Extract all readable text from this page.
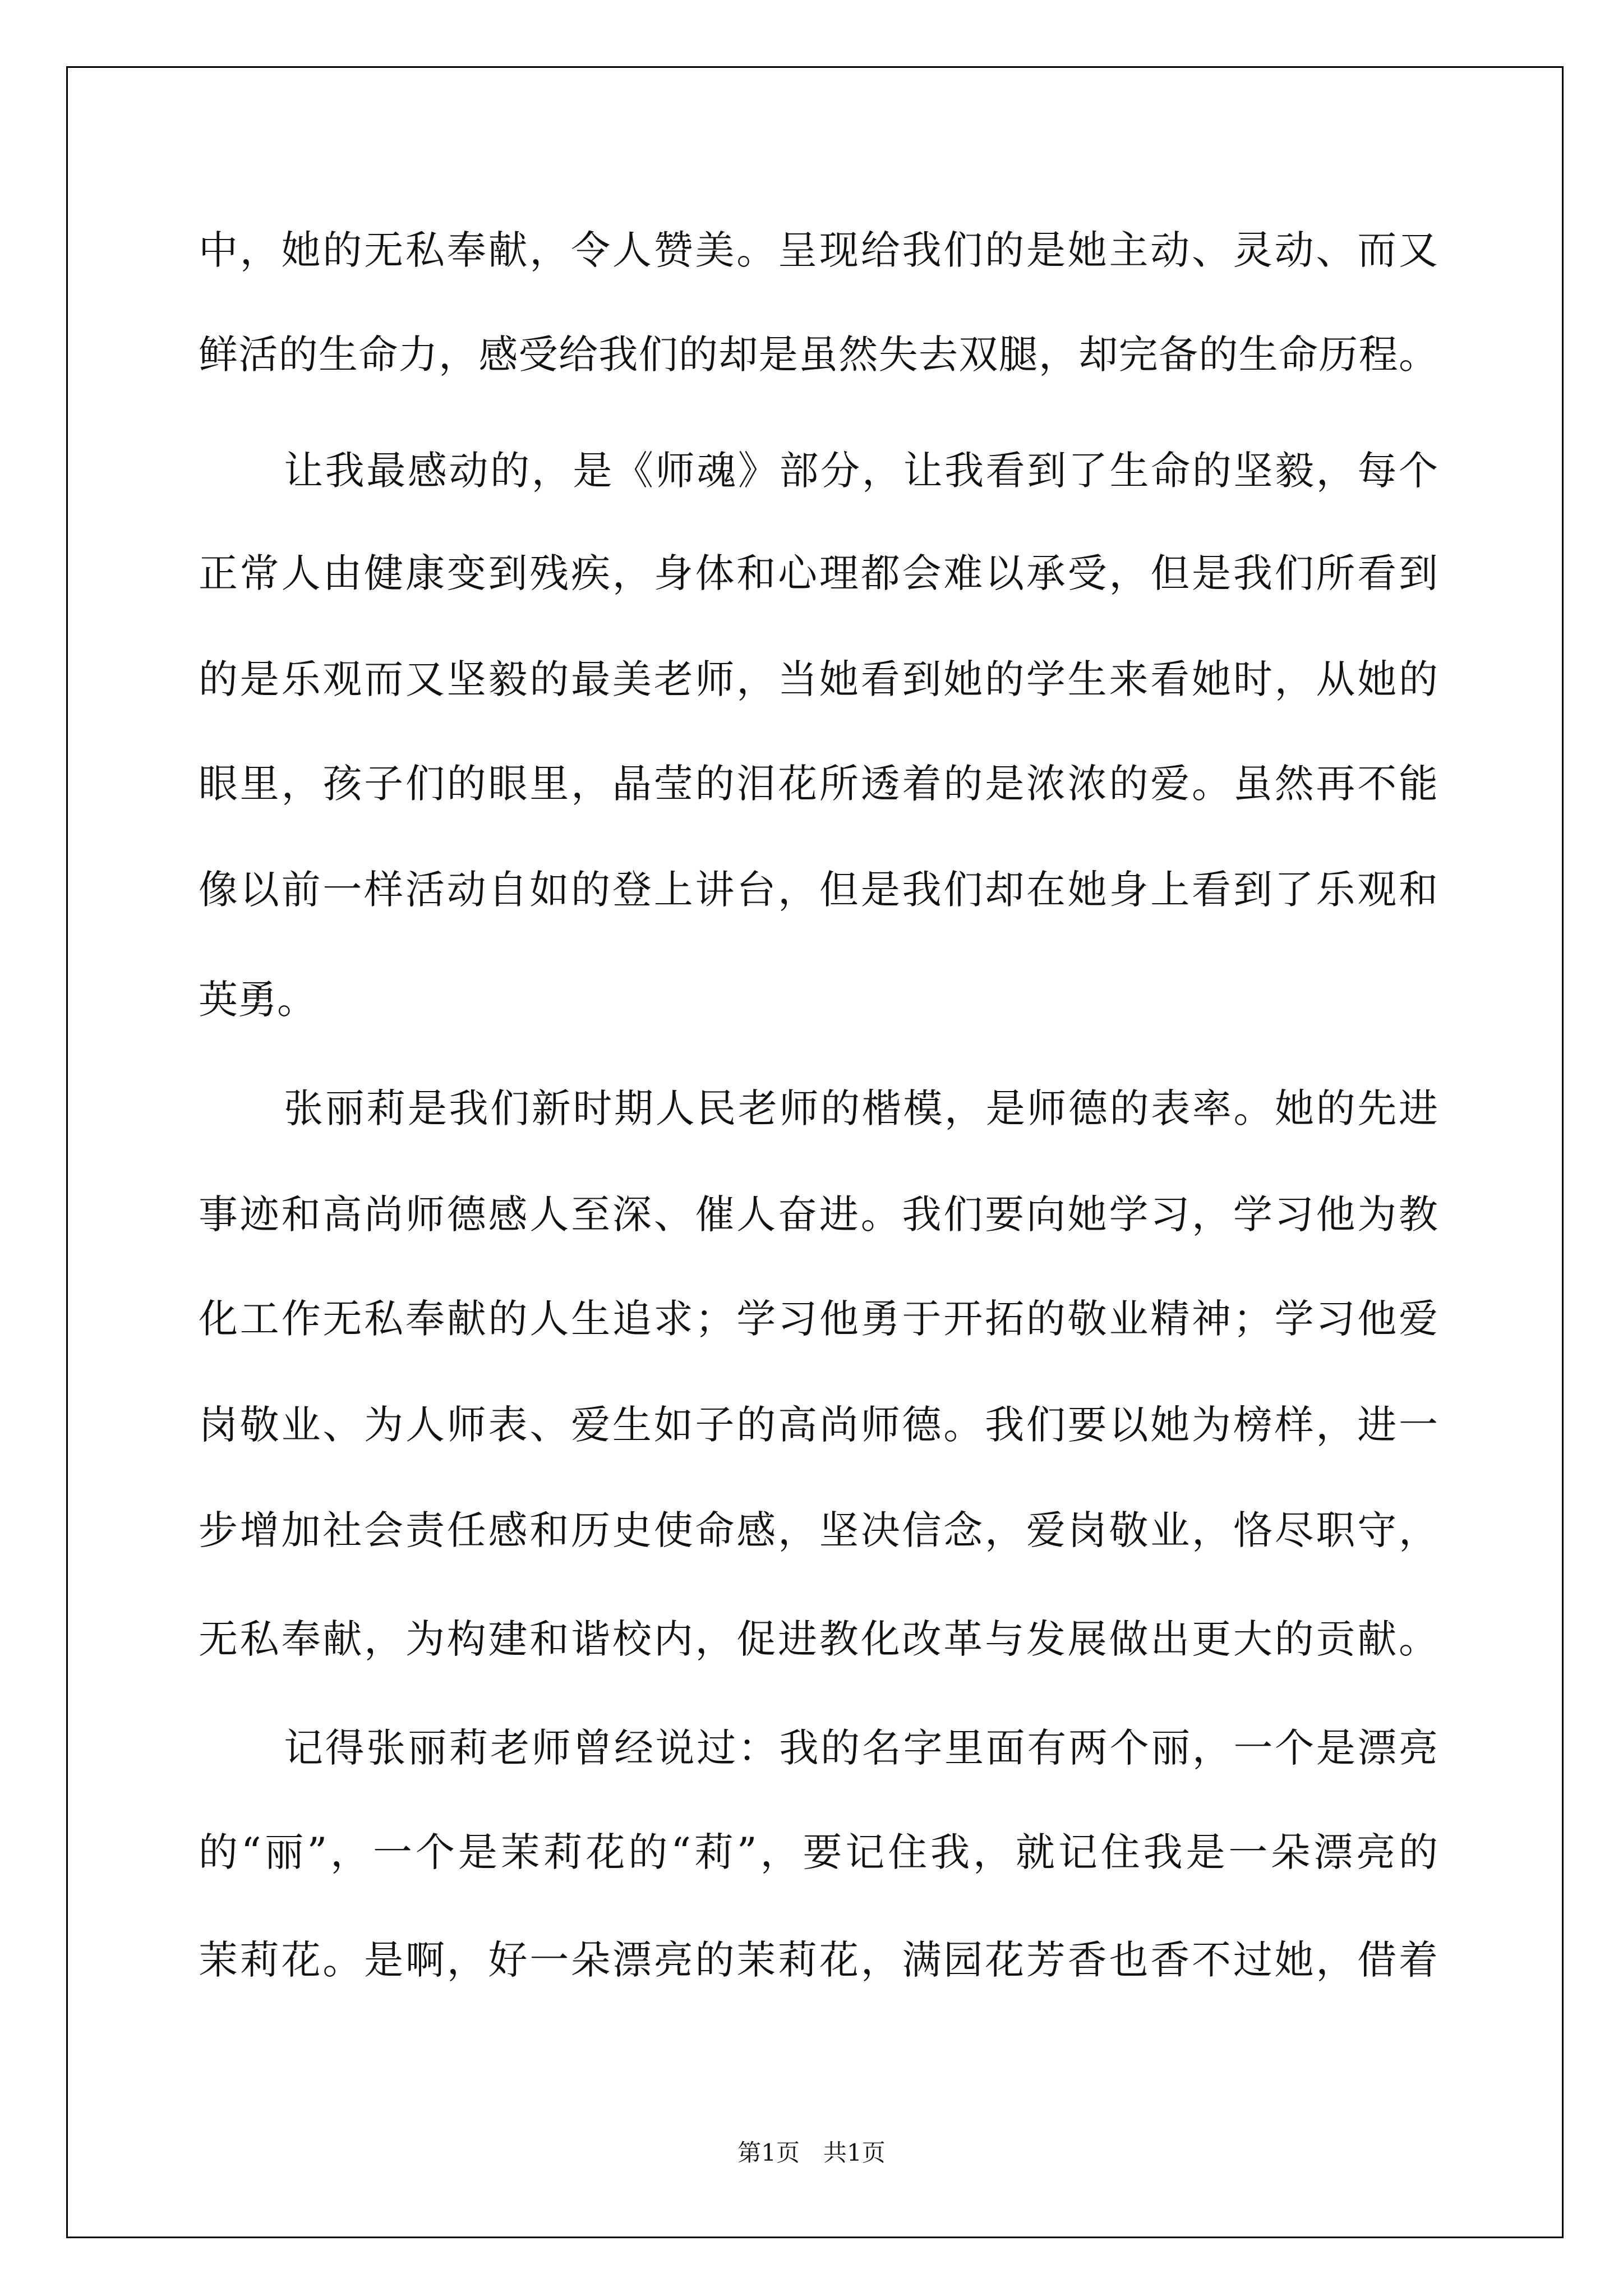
中，她的无私奉献，令人赞美。呈现给我们的是她主动、灵动、而又
鲜活的生命力，感受给我们的却是虽然失去双腿，却完备的生命历程。
让我最感动的，是《师魂》部分，让我看到了生命的坚毅，每个
正常人由健康变到残疾，身体和心理都会难以承受，但是我们所看到
的是乐观而又坚毅的最美老师，当她看到她的学生来看她时，从她的
眼里，孩子们的眼里，晶莹的泪花所透着的是浓浓的爱。虽然再不能
像以前一样活动自如的登上讲台，但是我们却在她身上看到了乐观和
英勇。
张丽莉是我们新时期人民老师的楷模，是师德的表率。她的先进
事迹和高尚师德感人至深、催人奋进。我们要向她学习，学习他为教
化工作无私奉献的人生追求；学习他勇于开拓的敬业精神；学习他爱
岗敬业、为人师表、爱生如子的高尚师德。我们要以她为榜样，进一
步增加社会责任感和历史使命感，坚决信念，爱岗敬业，恪尽职守，
无私奉献，为构建和谐校内，促进教化改革与发展做出更大的贡献。
记得张丽莉老师曾经说过：我的名字里面有两个丽，一个是漂亮
的“丽”，一个是茉莉花的“莉”，要记住我，就记住我是一朵漂亮的
茉莉花。是啊，好一朵漂亮的茉莉花，满园花芳香也香不过她，借着
第1页　共1页
